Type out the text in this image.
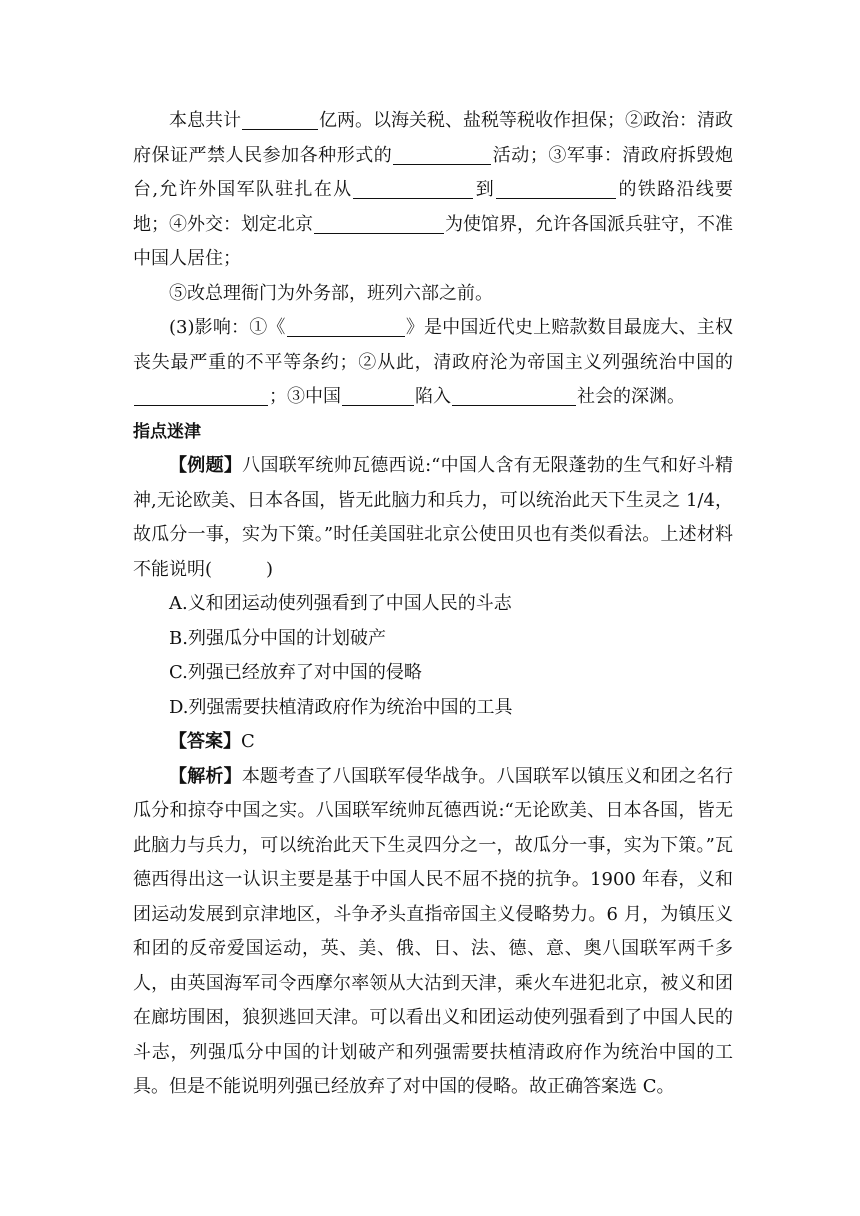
本息共计	亿两。以海关税、盐税等税收作担保；②政治：清政府保证严禁人民参加各种形式的	活动；③军事：清政府拆毁炮台,允许外国军队驻扎在从	到	的铁路沿线要地；④外交：划定北京	为使馆界，允许各国派兵驻守，不准中国人居住；

⑤改总理衙门为外务部，班列六部之前。

(3)影响：①《	》是中国近代史上赔款数目最庞大、主权丧失最严重的不平等条约；②从此，清政府沦为帝国主义列强统治中国的；③中国	陷入	社会的深渊。

指点迷津

【例题】八国联军统帅瓦德西说:“中国人含有无限蓬勃的生气和好斗精神,无论欧美、日本各国，皆无此脑力和兵力，可以统治此天下生灵之 1/4，故瓜分一事，实为下策。”时任美国驻北京公使田贝也有类似看法。上述材料不能说明(　　　)

A.义和团运动使列强看到了中国人民的斗志

B.列强瓜分中国的计划破产

C.列强已经放弃了对中国的侵略

D.列强需要扶植清政府作为统治中国的工具

【答案】C

【解析】本题考查了八国联军侵华战争。八国联军以镇压义和团之名行瓜分和掠夺中国之实。八国联军统帅瓦德西说:“无论欧美、日本各国，皆无此脑力与兵力，可以统治此天下生灵四分之一，故瓜分一事，实为下策。”瓦德西得出这一认识主要是基于中国人民不屈不挠的抗争。1900 年春，义和团运动发展到京津地区，斗争矛头直指帝国主义侵略势力。6 月，为镇压义和团的反帝爱国运动，英、美、俄、日、法、德、意、奥八国联军两千多人，由英国海军司令西摩尔率领从大沽到天津，乘火车进犯北京，被义和团在廊坊围困，狼狈逃回天津。可以看出义和团运动使列强看到了中国人民的斗志，列强瓜分中国的计划破产和列强需要扶植清政府作为统治中国的工具。但是不能说明列强已经放弃了对中国的侵略。故正确答案选 C。
